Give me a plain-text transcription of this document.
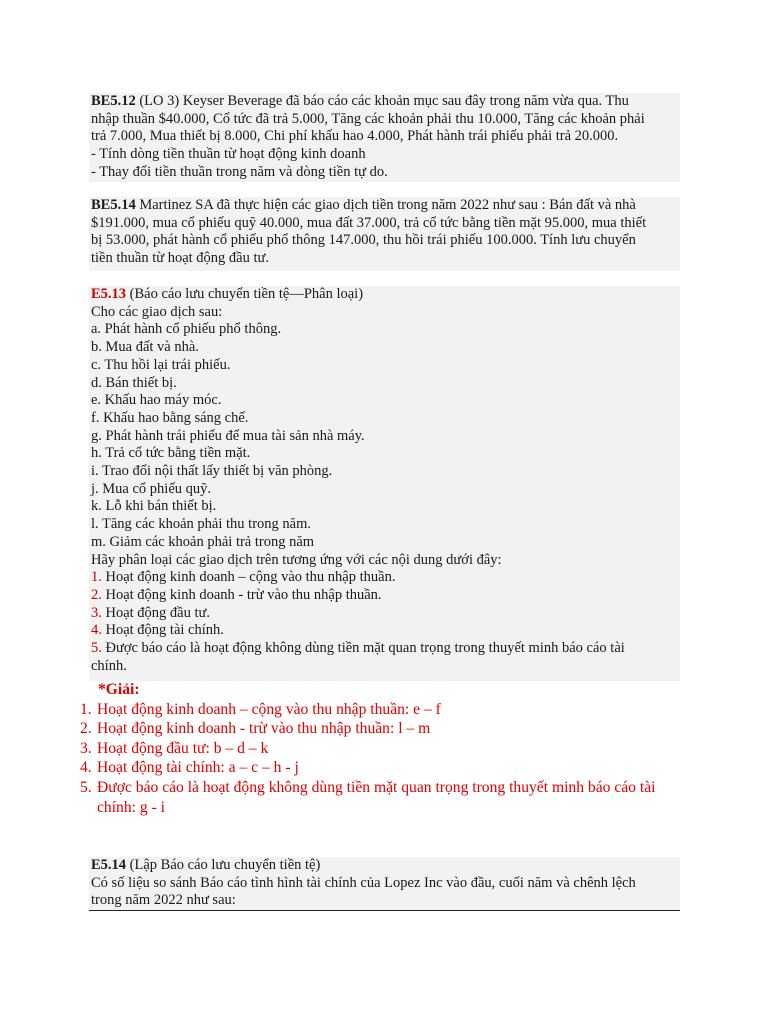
BE5.12 (LO 3) Keyser Beverage đã báo cáo các khoản mục sau đây trong năm vừa qua. Thu

nhập thuần $40.000, Cổ tức đã trả 5.000, Tăng các khoản phải thu 10.000, Tăng các khoản phải

trả 7.000, Mua thiết bị 8.000, Chi phí khấu hao 4.000, Phát hành trái phiếu phải trả 20.000.

- Tính dòng tiền thuần từ hoạt động kinh doanh

- Thay đổi tiền thuần trong năm và dòng tiền tự do.

BE5.14 Martinez SA đã thực hiện các giao dịch tiền trong năm 2022 như sau : Bán đất và nhà

$191.000, mua cổ phiếu quỹ 40.000, mua đất 37.000, trả cổ tức bằng tiền mặt 95.000, mua thiết

bị 53.000, phát hành cổ phiếu phổ thông 147.000, thu hồi trái phiếu 100.000. Tính lưu chuyển

tiền thuần từ hoạt động đầu tư.

E5.13 (Báo cáo lưu chuyển tiền tệ—Phân loại)

Cho các giao dịch sau:

a. Phát hành cổ phiếu phổ thông.

b. Mua đất và nhà.

c. Thu hồi lại trái phiếu.

d. Bán thiết bị.

e. Khấu hao máy móc.

f. Khấu hao bằng sáng chế.

g. Phát hành trái phiếu để mua tài sản nhà máy.

h. Trả cổ tức bằng tiền mặt.

i. Trao đổi nội thất lấy thiết bị văn phòng.

j. Mua cổ phiếu quỹ.

k. Lỗ khi bán thiết bị.

l. Tăng các khoản phải thu trong năm.

m. Giảm các khoản phải trả trong năm

Hãy phân loại các giao dịch trên tương ứng với các nội dung dưới đây:

1. Hoạt động kinh doanh – cộng vào thu nhập thuần.

2. Hoạt động kinh doanh - trừ vào thu nhập thuần.

3. Hoạt động đầu tư.

4. Hoạt động tài chính.

5. Được báo cáo là hoạt động không dùng tiền mặt quan trọng trong thuyết minh báo cáo tài

chính.

*Giải:
1. Hoạt động kinh doanh – cộng vào thu nhập thuần: e – f
2. Hoạt động kinh doanh - trừ vào thu nhập thuần: l – m
3. Hoạt động đầu tư: b – d – k
4. Hoạt động tài chính: a – c – h - j
5. Được báo cáo là hoạt động không dùng tiền mặt quan trọng trong thuyết minh báo cáo tài
chính: g - i

E5.14 (Lập Báo cáo lưu chuyển tiền tệ)

Có số liệu so sánh Báo cáo tình hình tài chính của Lopez Inc vào đầu, cuối năm và chênh lệch

trong năm 2022 như sau:
